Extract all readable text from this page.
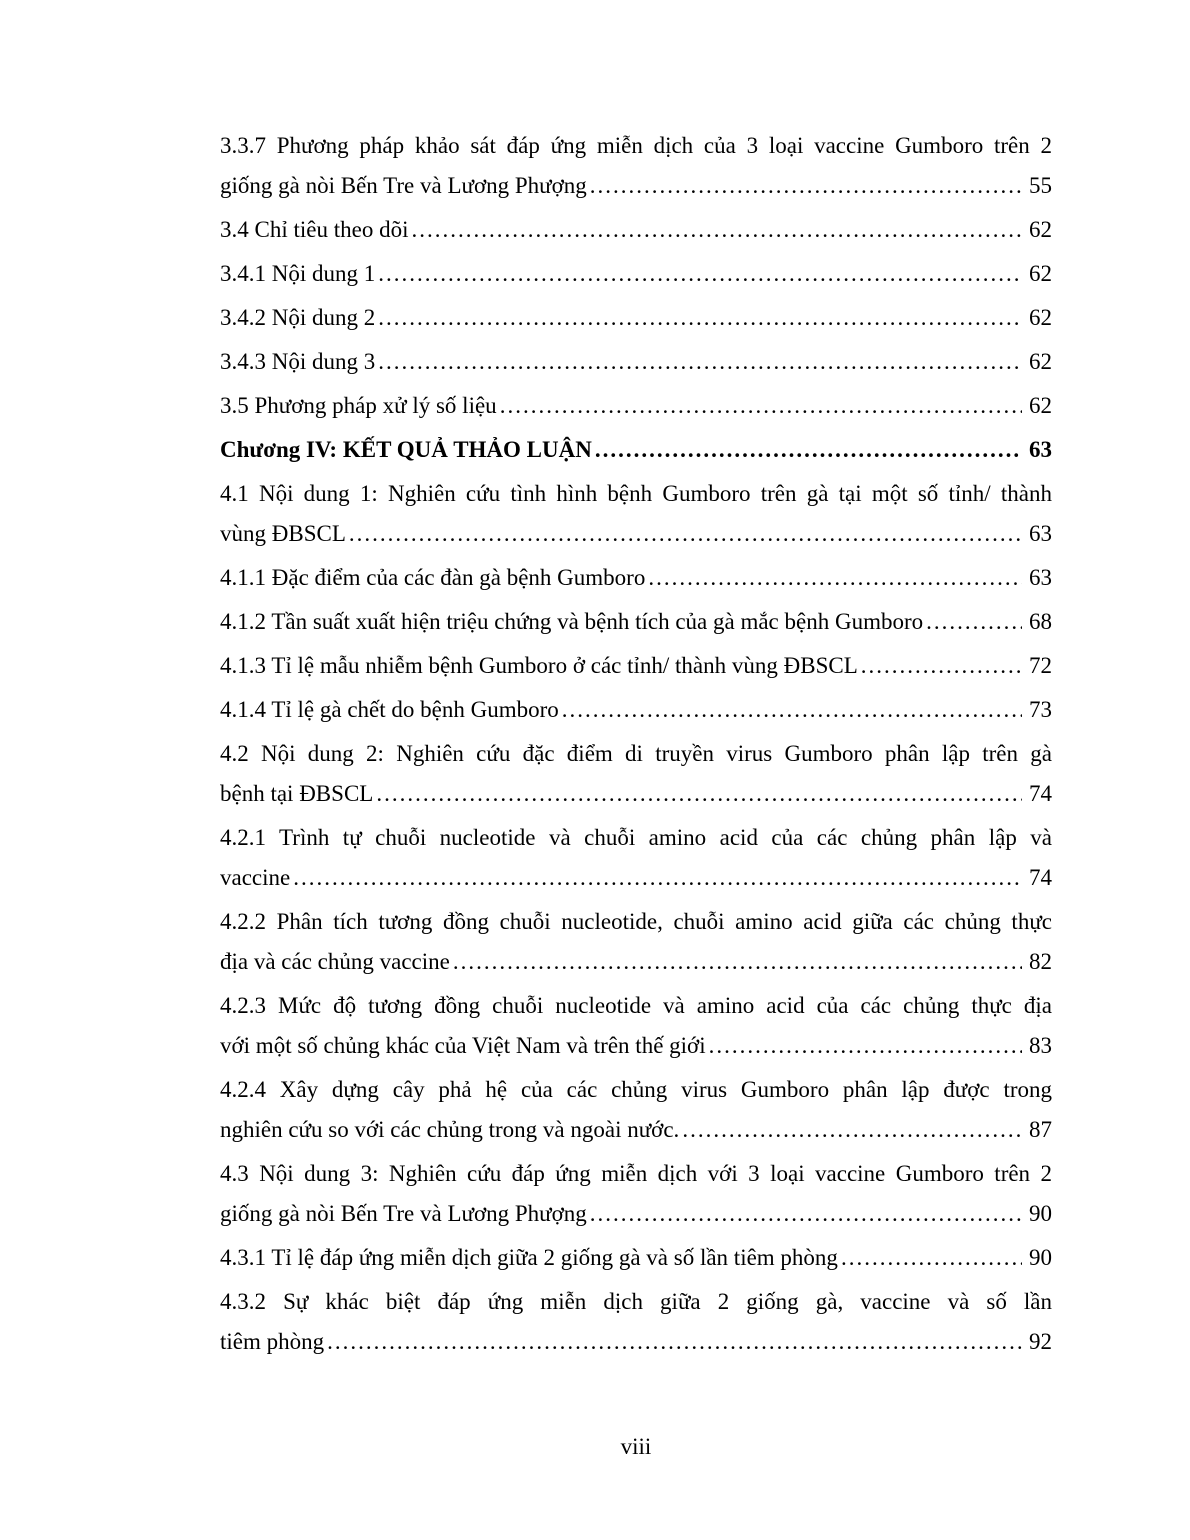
3.3.7 Phương pháp khảo sát đáp ứng miễn dịch của 3 loại vaccine Gumboro trên 2
giống gà nòi Bến Tre và Lương Phượng .....	55
3.4 Chỉ tiêu theo dõi .....	62
3.4.1 Nội dung 1 .....	62
3.4.2 Nội dung 2 .....	62
3.4.3 Nội dung 3 .....	62
3.5 Phương pháp xử lý số liệu .....	62
Chương IV: KẾT QUẢ THẢO LUẬN .....	63
4.1 Nội dung 1: Nghiên cứu tình hình bệnh Gumboro trên gà tại một số tỉnh/ thành
vùng ĐBSCL .....	63
4.1.1 Đặc điểm của các đàn gà bệnh Gumboro .....	63
4.1.2 Tần suất xuất hiện triệu chứng và bệnh tích của gà mắc bệnh Gumboro .....	68
4.1.3 Tỉ lệ mẫu nhiễm bệnh Gumboro ở các tỉnh/ thành vùng ĐBSCL .....	72
4.1.4 Tỉ lệ gà chết do bệnh Gumboro .....	73
4.2 Nội dung 2: Nghiên cứu đặc điểm di truyền virus Gumboro phân lập trên gà
bệnh tại ĐBSCL .....	74
4.2.1 Trình tự chuỗi nucleotide và chuỗi amino acid của các chủng phân lập và
vaccine .....	74
4.2.2 Phân tích tương đồng chuỗi nucleotide, chuỗi amino acid giữa các chủng thực
địa và các chủng vaccine .....	82
4.2.3 Mức độ tương đồng chuỗi nucleotide và amino acid của các chủng thực địa
với một số chủng khác của Việt Nam và trên thế giới .....	83
4.2.4 Xây dựng cây phả hệ của các chủng virus Gumboro phân lập được trong
nghiên cứu so với các chủng trong và ngoài nước. .....	87
4.3 Nội dung 3: Nghiên cứu đáp ứng miễn dịch với 3 loại vaccine Gumboro trên 2
giống gà nòi Bến Tre và Lương Phượng .....	90
4.3.1 Tỉ lệ đáp ứng miễn dịch giữa 2 giống gà và số lần tiêm phòng .....	90
4.3.2 Sự khác biệt đáp ứng miễn dịch giữa 2 giống gà, vaccine và số lần
tiêm phòng .....	92
viii
